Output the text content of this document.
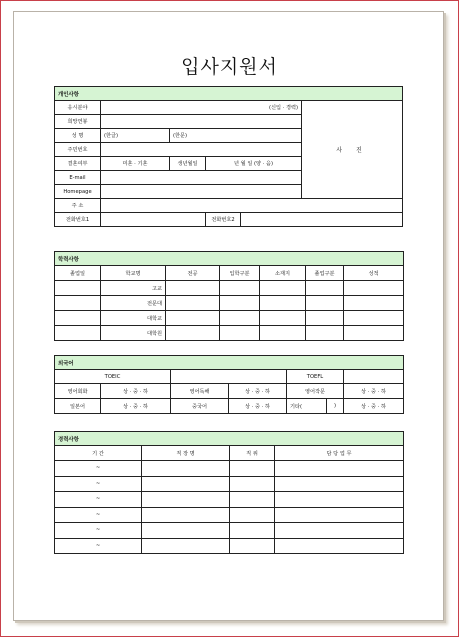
입사지원서
개인사항					
응시분야	(신입 · 경력)				사 진
희망연봉					
성 명	(한글)	(한문)			
주민번호					
결혼여부	미혼 · 기혼	생년월일	년 월 일 (양 · 음)		
E-mail					
Homepage					
주 소					
전화번호1			전화번호2		
학력사항						
졸업일	학교명	전공	입학구분	소재지	졸업구분	성적
	고교					
	전문대					
	대학교					
	대학원					
외국어						
TOEIC				TOEFL		
영어회화	상 · 중 · 하	영어독해	상 · 중 · 하	영어작문		상 · 중 · 하
일본어	상 · 중 · 하	중국어	상 · 중 · 하	기타(	)	상 · 중 · 하
경력사항			
기 간	직 장 명	직 위	담 당 업 무
~			
~			
~			
~			
~			
~			
